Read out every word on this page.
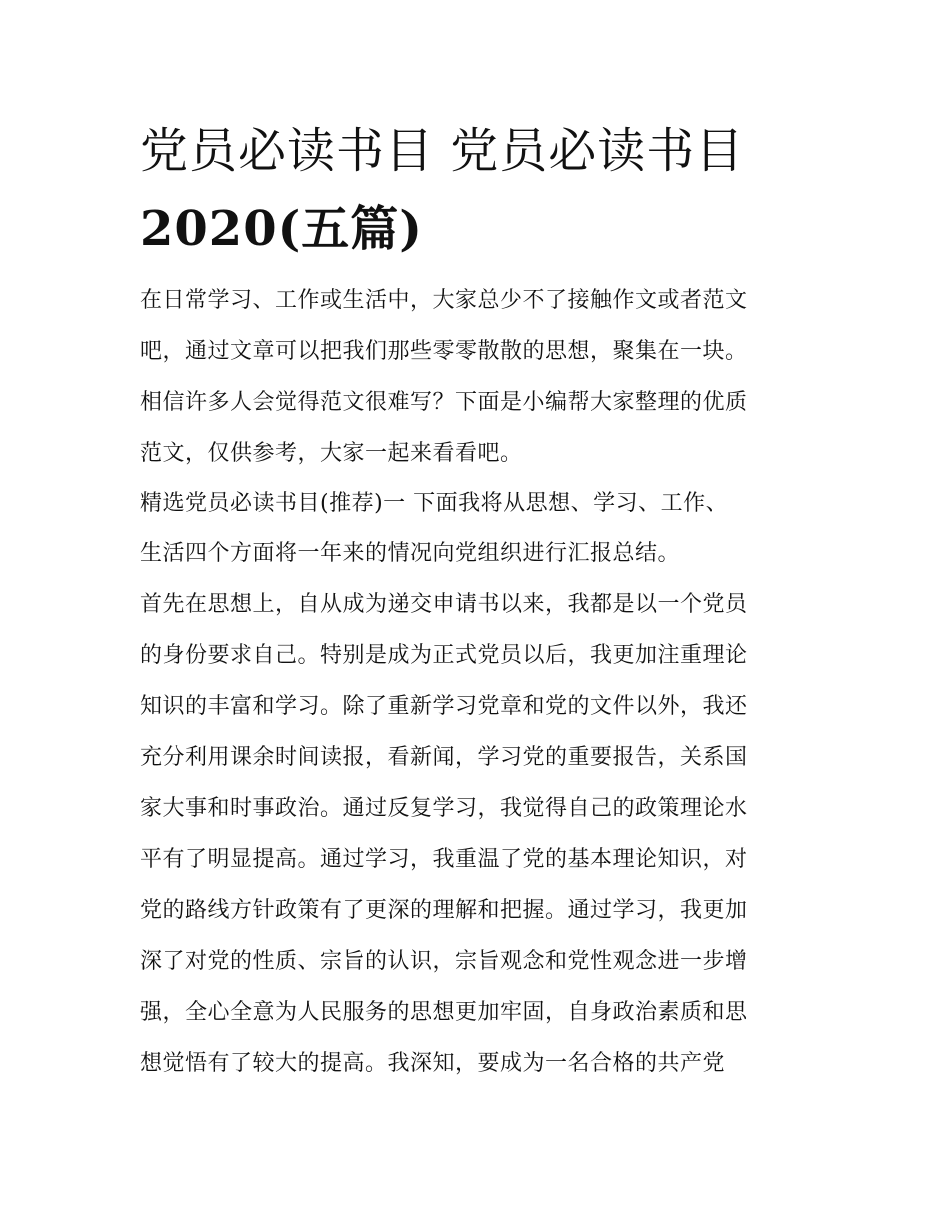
党员必读书目 党员必读书目
2020(五篇)
在日常学习、工作或生活中，大家总少不了接触作文或者范文
吧，通过文章可以把我们那些零零散散的思想，聚集在一块。
相信许多人会觉得范文很难写？下面是小编帮大家整理的优质
范文，仅供参考，大家一起来看看吧。
精选党员必读书目(推荐)一 下面我将从思想、学习、工作、
生活四个方面将一年来的情况向党组织进行汇报总结。
首先在思想上，自从成为递交申请书以来，我都是以一个党员
的身份要求自己。特别是成为正式党员以后，我更加注重理论
知识的丰富和学习。除了重新学习党章和党的文件以外，我还
充分利用课余时间读报，看新闻，学习党的重要报告，关系国
家大事和时事政治。通过反复学习，我觉得自己的政策理论水
平有了明显提高。通过学习，我重温了党的基本理论知识，对
党的路线方针政策有了更深的理解和把握。通过学习，我更加
深了对党的性质、宗旨的认识，宗旨观念和党性观念进一步增
强，全心全意为人民服务的思想更加牢固，自身政治素质和思
想觉悟有了较大的提高。我深知，要成为一名合格的共产党
